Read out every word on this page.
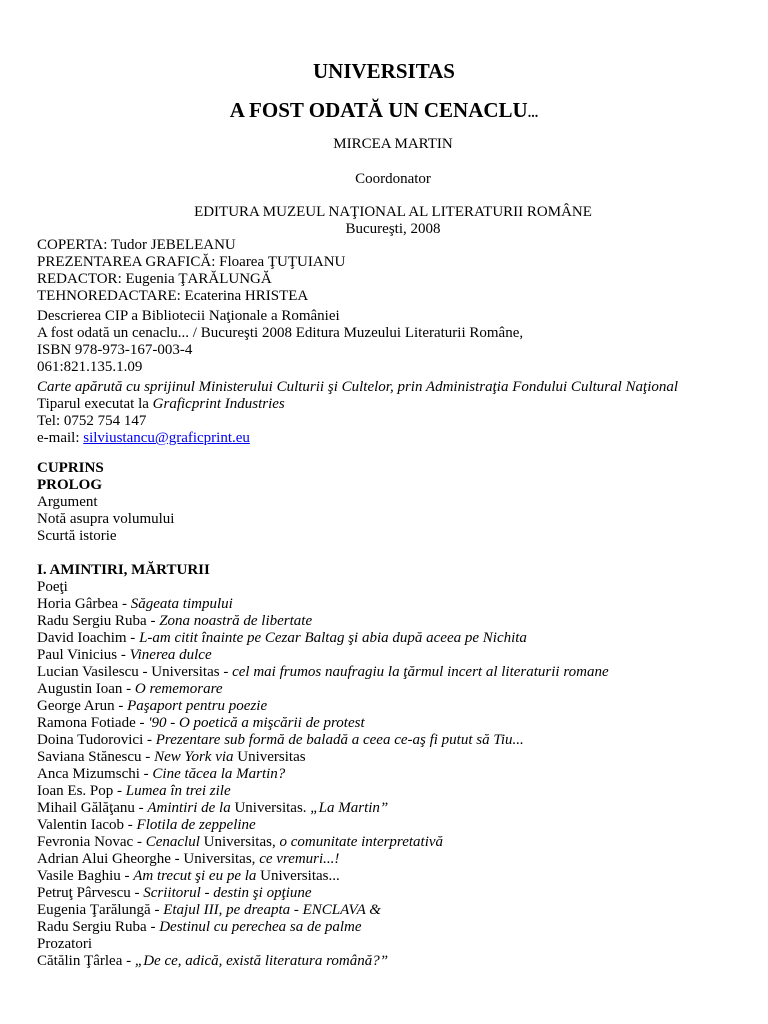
UNIVERSITAS
A FOST ODATĂ UN CENACLU...
MIRCEA MARTIN
Coordonator
EDITURA MUZEUL NAŢIONAL AL LITERATURII ROMÂNE
Bucureşti, 2008
COPERTA: Tudor JEBELEANU
PREZENTAREA GRAFICĂ: Floarea ŢUŢUIANU
REDACTOR: Eugenia ŢARĂLUNGĂ
TEHNOREDACTARE: Ecaterina HRISTEA
Descrierea CIP a Bibliotecii Naţionale a României
A fost odată un cenaclu... / Bucureşti 2008 Editura Muzeului Literaturii Române,
ISBN 978-973-167-003-4
061:821.135.1.09
Carte apărută cu sprijinul Ministerului Culturii şi Cultelor, prin Administraţia Fondului Cultural Naţional
Tiparul executat la Graficprint Industries
Tel: 0752 754 147
e-mail: silviustancu@graficprint.eu
CUPRINS
PROLOG
Argument
Notă asupra volumului
Scurtă istorie
I. AMINTIRI, MĂRTURII
Poeţi
Horia Gârbea - Săgeata timpului
Radu Sergiu Ruba - Zona noastră de libertate
David Ioachim - L-am citit înainte pe Cezar Baltag şi abia după aceea pe Nichita
Paul Vinicius - Vinerea dulce
Lucian Vasilescu - Universitas - cel mai frumos naufragiu la ţărmul incert al literaturii romane
Augustin Ioan - O rememorare
George Arun - Paşaport pentru poezie
Ramona Fotiade - '90 - O poetică a mişcării de protest
Doina Tudorovici - Prezentare sub formă de baladă a ceea ce-aş fi putut să Tiu...
Saviana Stănescu - New York via Universitas
Anca Mizumschi - Cine tăcea la Martin?
Ioan Es. Pop - Lumea în trei zile
Mihail Gălăţanu - Amintiri de la Universitas. „La Martin”
Valentin Iacob - Flotila de zeppeline
Fevronia Novac - Cenaclul Universitas, o comunitate interpretativă
Adrian Alui Gheorghe - Universitas, ce vremuri...!
Vasile Baghiu - Am trecut şi eu pe la Universitas...
Petruţ Pârvescu - Scriitorul - destin şi opţiune
Eugenia Ţarălungă - Etajul III, pe dreapta - ENCLAVA &
Radu Sergiu Ruba - Destinul cu perechea sa de palme
Prozatori
Cătălin Ţârlea - „De ce, adică, există literatura română?”
